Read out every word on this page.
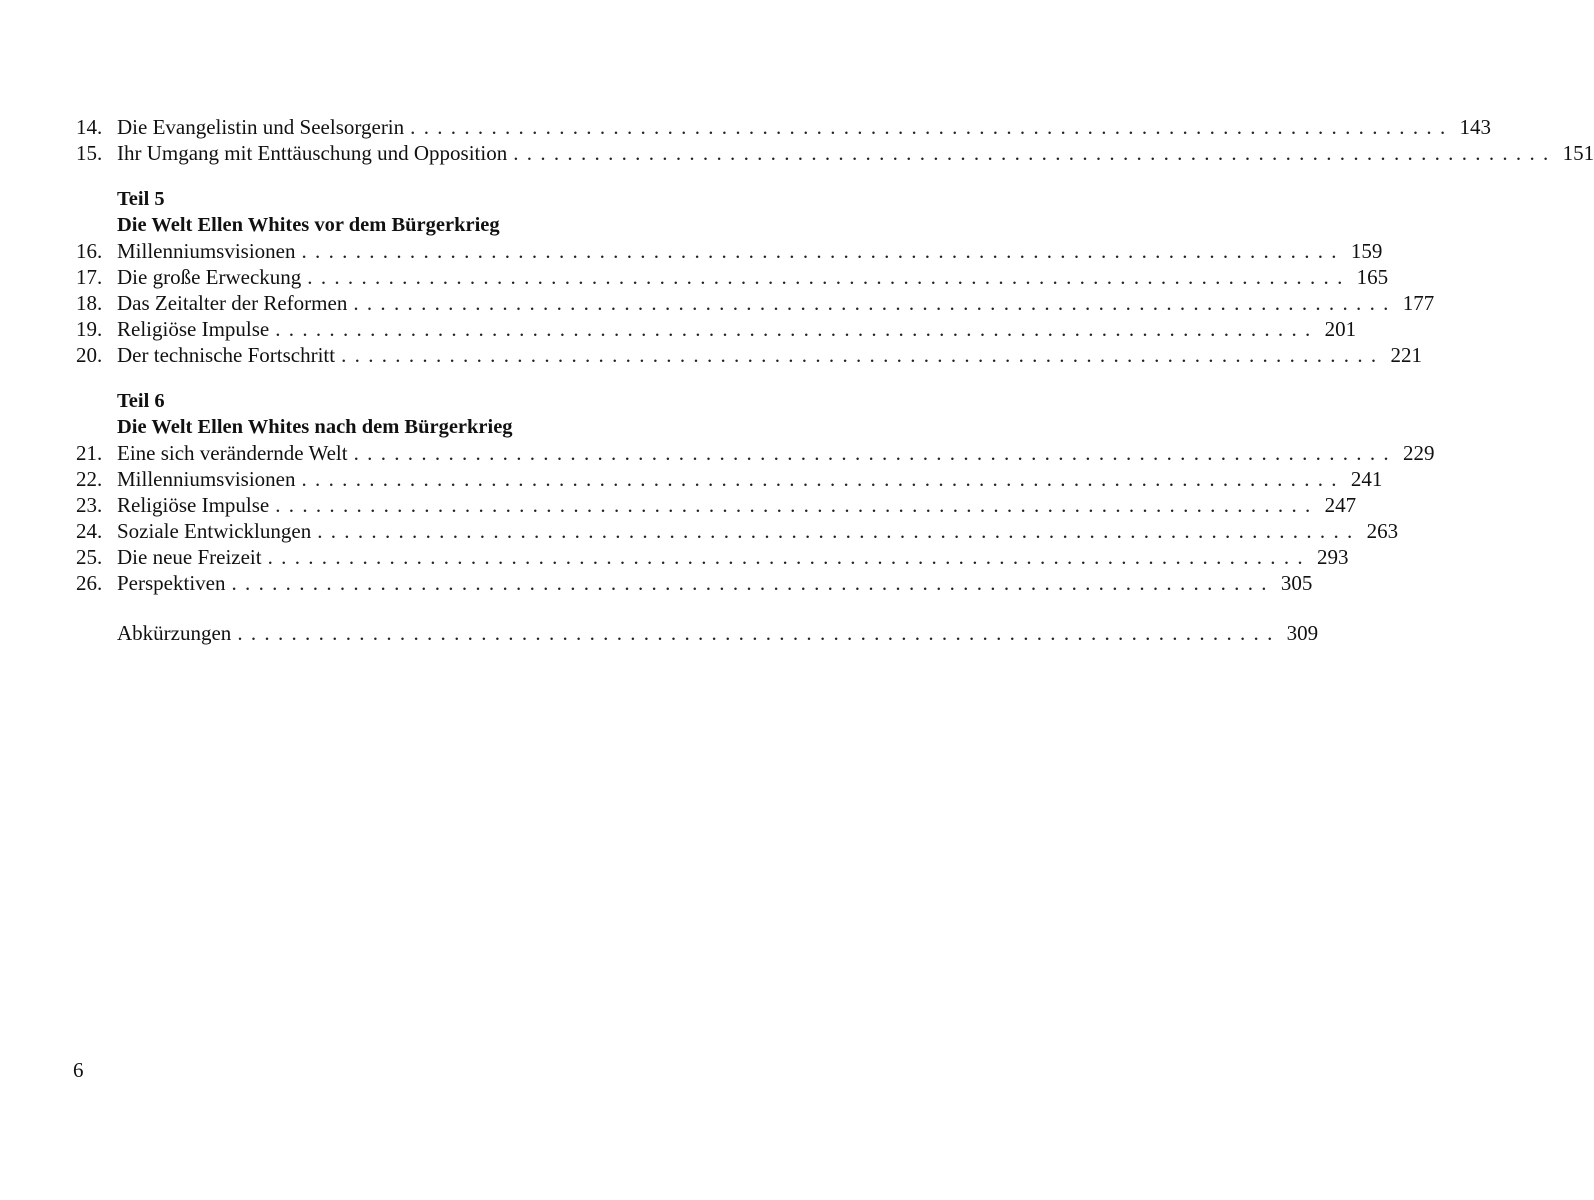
14. Die Evangelistin und Seelsorgerin ............................................................................. 143
15. Ihr Umgang mit Enttäuschung und Opposition ............................................................................. 151
Teil 5
Die Welt Ellen Whites vor dem Bürgerkrieg
16. Millenniumsvisionen ............................................................................. 159
17. Die große Erweckung ............................................................................. 165
18. Das Zeitalter der Reformen ............................................................................. 177
19. Religiöse Impulse ............................................................................. 201
20. Der technische Fortschritt ............................................................................. 221
Teil 6
Die Welt Ellen Whites nach dem Bürgerkrieg
21. Eine sich verändernde Welt ............................................................................. 229
22. Millenniumsvisionen ............................................................................. 241
23. Religiöse Impulse ............................................................................. 247
24. Soziale Entwicklungen ............................................................................. 263
25. Die neue Freizeit ............................................................................. 293
26. Perspektiven ............................................................................. 305
Abkürzungen ............................................................................. 309
6
